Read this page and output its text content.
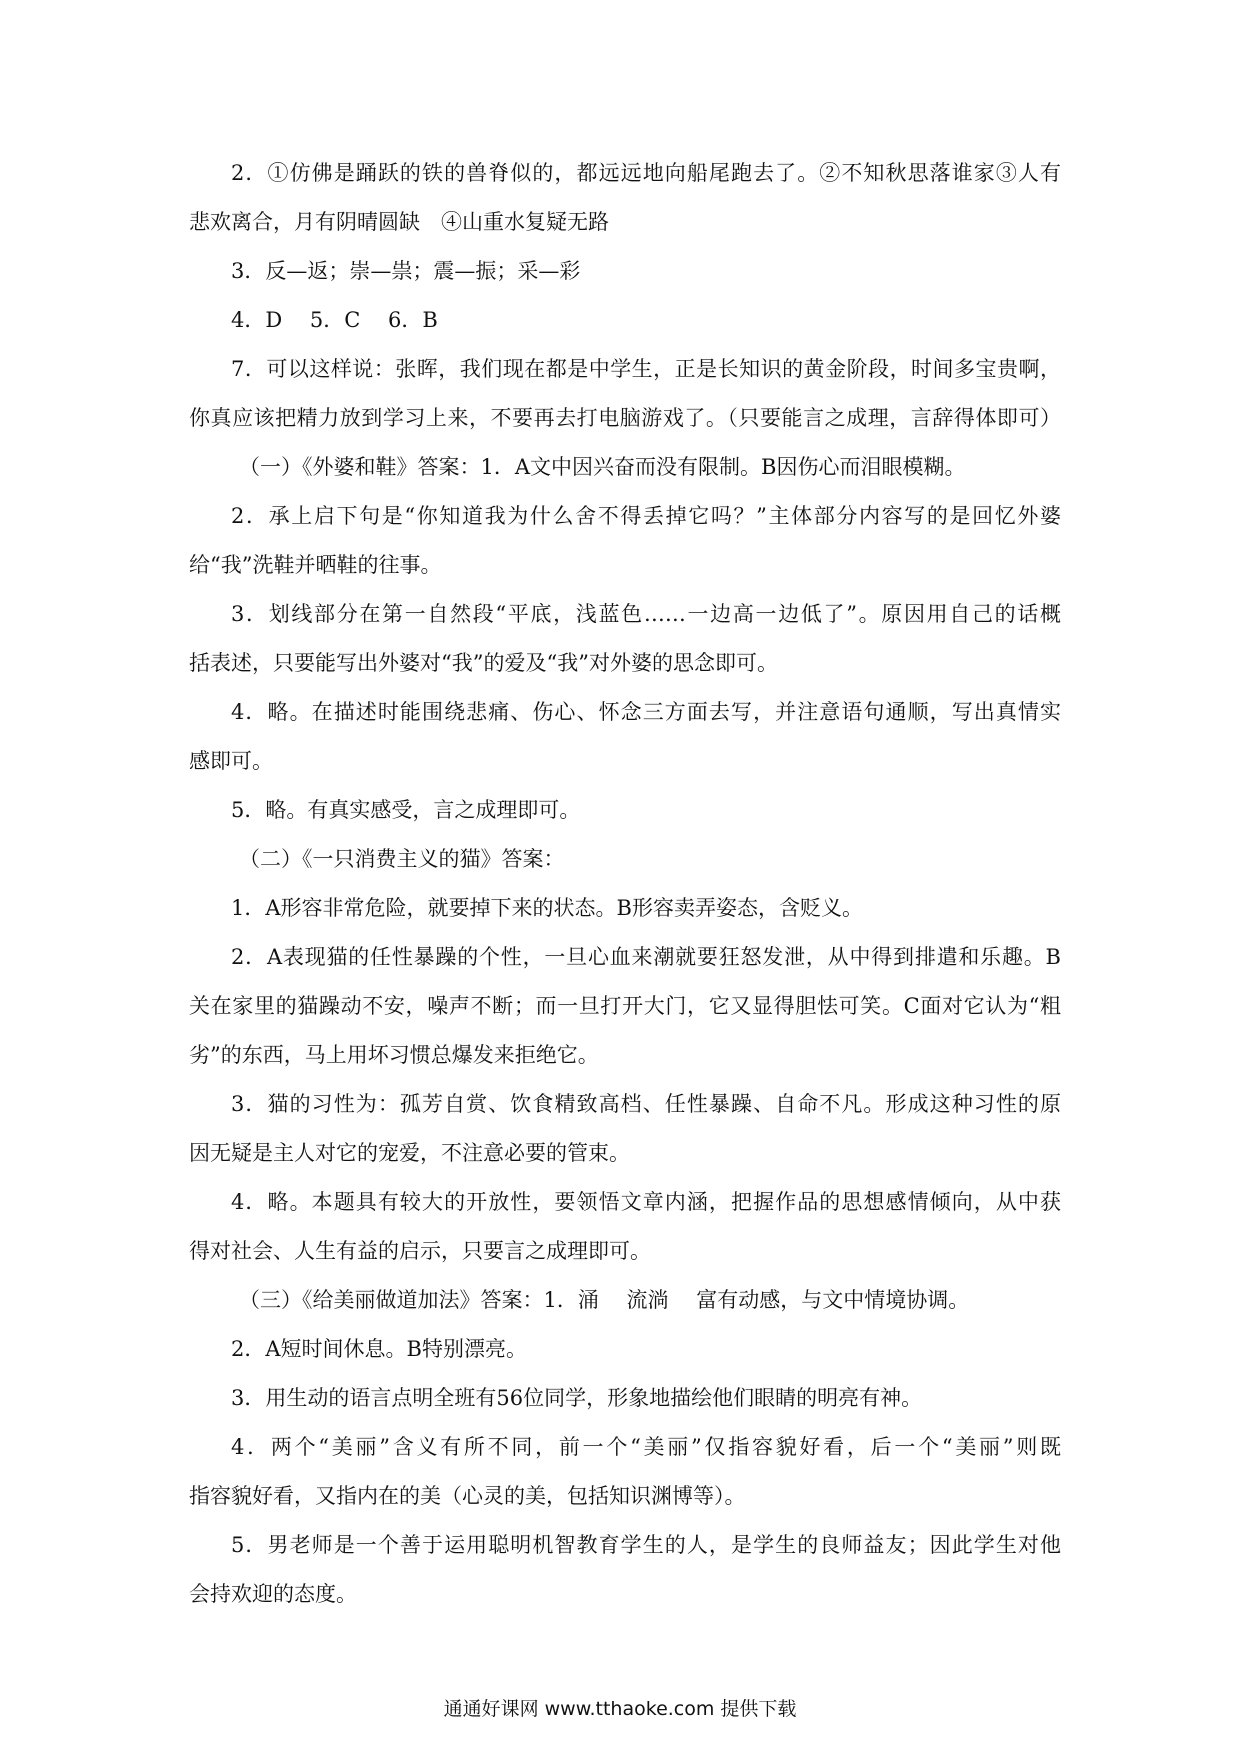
2．①仿佛是踊跃的铁的兽脊似的，都远远地向船尾跑去了。②不知秋思落谁家③人有
悲欢离合，月有阴晴圆缺　④山重水复疑无路
3．反—返；崇—祟；震—振；采—彩
4．D　 5．C　 6．B
7．可以这样说：张晖，我们现在都是中学生，正是长知识的黄金阶段，时间多宝贵啊，
你真应该把精力放到学习上来，不要再去打电脑游戏了。（只要能言之成理，言辞得体即可）
（一）《外婆和鞋》答案：1．A文中因兴奋而没有限制。B因伤心而泪眼模糊。
2．承上启下句是“你知道我为什么舍不得丢掉它吗？”主体部分内容写的是回忆外婆
给“我”洗鞋并晒鞋的往事。
3．划线部分在第一自然段“平底，浅蓝色……一边高一边低了”。原因用自己的话概
括表述，只要能写出外婆对“我”的爱及“我”对外婆的思念即可。
4．略。在描述时能围绕悲痛、伤心、怀念三方面去写，并注意语句通顺，写出真情实
感即可。
5．略。有真实感受，言之成理即可。
（二）《一只消费主义的猫》答案：
1．A形容非常危险，就要掉下来的状态。B形容卖弄姿态，含贬义。
2．A表现猫的任性暴躁的个性，一旦心血来潮就要狂怒发泄，从中得到排遣和乐趣。B
关在家里的猫躁动不安，噪声不断；而一旦打开大门，它又显得胆怯可笑。C面对它认为“粗
劣”的东西，马上用坏习惯总爆发来拒绝它。
3．猫的习性为：孤芳自赏、饮食精致高档、任性暴躁、自命不凡。形成这种习性的原
因无疑是主人对它的宠爱，不注意必要的管束。
4．略。本题具有较大的开放性，要领悟文章内涵，把握作品的思想感情倾向，从中获
得对社会、人生有益的启示，只要言之成理即可。
（三）《给美丽做道加法》答案：1．涌　 流淌　 富有动感，与文中情境协调。
2．A短时间休息。B特别漂亮。
3．用生动的语言点明全班有56位同学，形象地描绘他们眼睛的明亮有神。
4．两个“美丽”含义有所不同，前一个“美丽”仅指容貌好看，后一个“美丽”则既
指容貌好看，又指内在的美（心灵的美，包括知识渊博等）。
5．男老师是一个善于运用聪明机智教育学生的人，是学生的良师益友；因此学生对他
会持欢迎的态度。
通通好课网 www.tthaoke.com 提供下载
